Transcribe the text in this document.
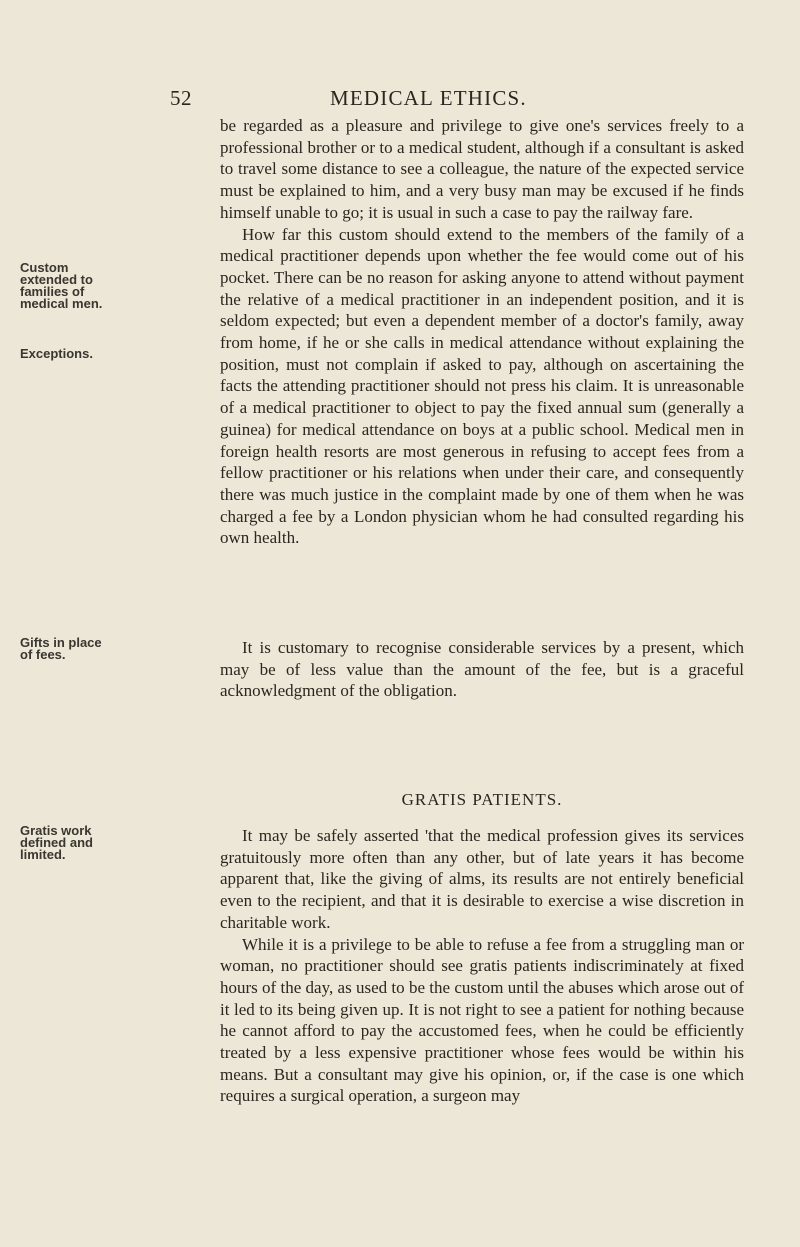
52	MEDICAL ETHICS.
Custom
extended to
families of
medical men.
Exceptions.
Gifts in place
of fees.
Gratis work
defined and
limited.

be regarded as a pleasure and privilege to give one's services freely to a professional brother or to a medical student, although if a consultant is asked to travel some distance to see a colleague, the nature of the expected service must be explained to him, and a very busy man may be excused if he finds himself unable to go; it is usual in such a case to pay the railway fare.

How far this custom should extend to the members of the family of a medical practitioner depends upon whether the fee would come out of his pocket. There can be no reason for asking anyone to attend without payment the relative of a medical practitioner in an independent position, and it is seldom expected; but even a dependent member of a doctor's family, away from home, if he or she calls in medical attendance without explaining the position, must not complain if asked to pay, although on ascertaining the facts the attending practitioner should not press his claim. It is unreasonable of a medical practitioner to object to pay the fixed annual sum (generally a guinea) for medical attendance on boys at a public school. Medical men in foreign health resorts are most generous in refusing to accept fees from a fellow practitioner or his relations when under their care, and consequently there was much justice in the complaint made by one of them when he was charged a fee by a London physician whom he had consulted regarding his own health.

It is customary to recognise considerable services by a present, which may be of less value than the amount of the fee, but is a graceful acknowledgment of the obligation.

GRATIS PATIENTS.

It may be safely asserted 'that the medical profession gives its services gratuitously more often than any other, but of late years it has become apparent that, like the giving of alms, its results are not entirely beneficial even to the recipient, and that it is desirable to exercise a wise discretion in charitable work.

While it is a privilege to be able to refuse a fee from a struggling man or woman, no practitioner should see gratis patients indiscriminately at fixed hours of the day, as used to be the custom until the abuses which arose out of it led to its being given up. It is not right to see a patient for nothing because he cannot afford to pay the accustomed fees, when he could be efficiently treated by a less expensive practitioner whose fees would be within his means. But a consultant may give his opinion, or, if the case is one which requires a surgical operation, a surgeon may
